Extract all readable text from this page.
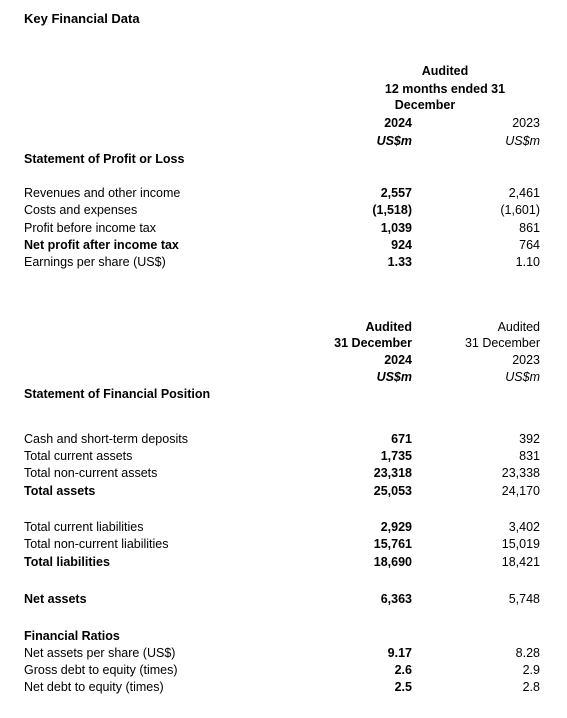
Key Financial Data
Audited
12 months ended 31
December
2024	2023
US$m	US$m
Statement of Profit or Loss
Revenues and other income	2,557	2,461
Costs and expenses	(1,518)	(1,601)
Profit before income tax	1,039	861
Net profit after income tax	924	764
Earnings per share (US$)	1.33	1.10
Audited	Audited
31 December	31 December
2024	2023
US$m	US$m
Statement of Financial Position
Cash and short-term deposits	671	392
Total current assets	1,735	831
Total non-current assets	23,318	23,338
Total assets	25,053	24,170
Total current liabilities	2,929	3,402
Total non-current liabilities	15,761	15,019
Total liabilities	18,690	18,421
Net assets	6,363	5,748
Financial Ratios
Net assets per share (US$)	9.17	8.28
Gross debt to equity (times)	2.6	2.9
Net debt to equity (times)	2.5	2.8
